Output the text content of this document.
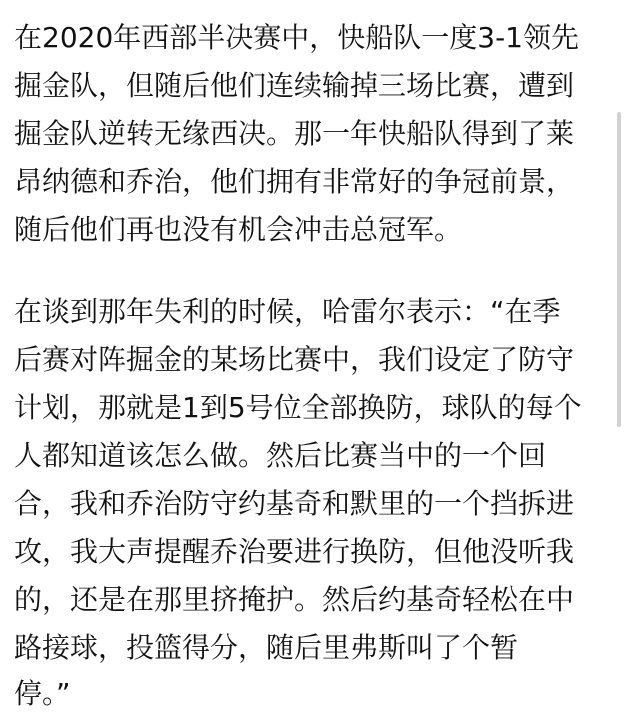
在2020年西部半决赛中，快船队一度3-1领先
掘金队，但随后他们连续输掉三场比赛，遭到
掘金队逆转无缘西决。那一年快船队得到了莱
昂纳德和乔治，他们拥有非常好的争冠前景，
随后他们再也没有机会冲击总冠军。
在谈到那年失利的时候，哈雷尔表示：“在季
后赛对阵掘金的某场比赛中，我们设定了防守
计划，那就是1到5号位全部换防，球队的每个
人都知道该怎么做。然后比赛当中的一个回
合，我和乔治防守约基奇和默里的一个挡拆进
攻，我大声提醒乔治要进行换防，但他没听我
的，还是在那里挤掩护。然后约基奇轻松在中
路接球，投篮得分，随后里弗斯叫了个暂
停。”
